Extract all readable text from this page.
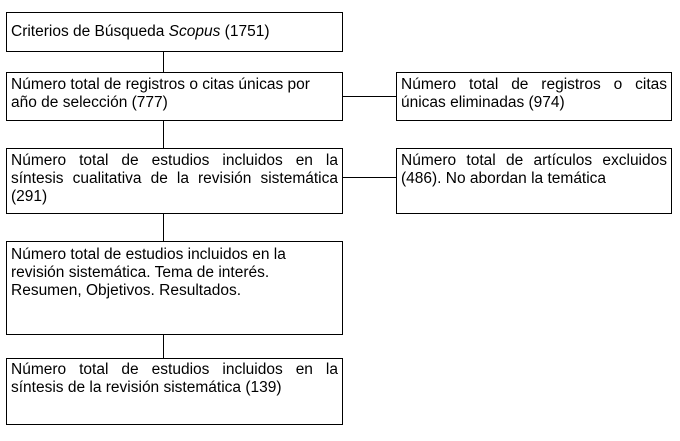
Criterios de Búsqueda Scopus (1751)
Número total de registros o citas únicas por año de selección (777)
Número total de estudios incluidos en la síntesis cualitativa de la revisión sistemática (291)
Número total de estudios incluidos en la revisión sistemática. Tema de interés. Resumen, Objetivos. Resultados.
Número total de estudios incluidos en la síntesis de la revisión sistemática (139)
Número total de registros o citas únicas eliminadas (974)
Número total de artículos excluidos (486). No abordan la temática
